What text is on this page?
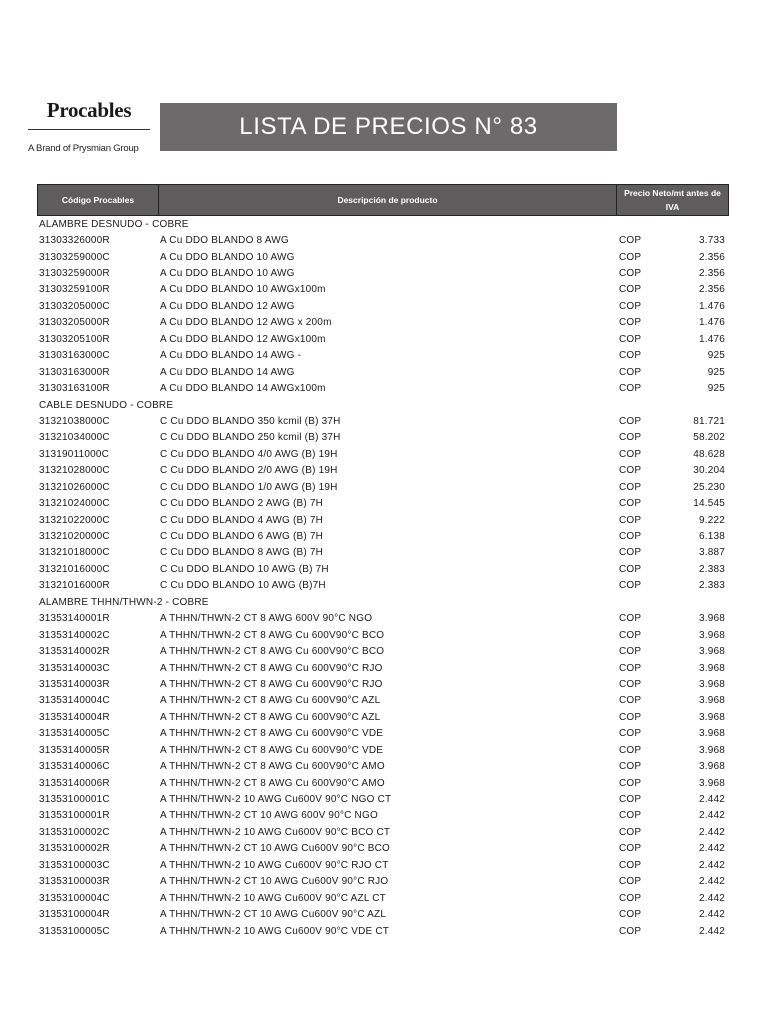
Procables
A Brand of Prysmian Group
LISTA DE PRECIOS N° 83
Código Procables	Descripción de producto
Precio Neto/mt antes de IVA
ALAMBRE DESNUDO - COBRE
31303326000R	A Cu DDO BLANDO 8 AWG	COP	3.733
31303259000C	A Cu DDO BLANDO 10 AWG	COP	2.356
31303259000R	A Cu DDO BLANDO 10 AWG	COP	2.356
31303259100R	A Cu DDO BLANDO 10 AWGx100m	COP	2.356
31303205000C	A Cu DDO BLANDO 12 AWG	COP	1.476
31303205000R	A Cu DDO BLANDO 12 AWG x 200m	COP	1.476
31303205100R	A Cu DDO BLANDO 12 AWGx100m	COP	1.476
31303163000C	A Cu DDO BLANDO 14 AWG -	COP	925
31303163000R	A Cu DDO BLANDO 14 AWG	COP	925
31303163100R	A Cu DDO BLANDO 14 AWGx100m	COP	925
CABLE DESNUDO - COBRE
31321038000C	C Cu DDO BLANDO 350 kcmil (B) 37H	COP	81.721
31321034000C	C Cu DDO BLANDO 250 kcmil (B) 37H	COP	58.202
31319011000C	C Cu DDO BLANDO 4/0 AWG (B) 19H	COP	48.628
31321028000C	C Cu DDO BLANDO 2/0 AWG (B) 19H	COP	30.204
31321026000C	C Cu DDO BLANDO 1/0 AWG (B) 19H	COP	25.230
31321024000C	C Cu DDO BLANDO 2 AWG (B) 7H	COP	14.545
31321022000C	C Cu DDO BLANDO 4 AWG (B) 7H	COP	9.222
31321020000C	C Cu DDO BLANDO 6 AWG (B) 7H	COP	6.138
31321018000C	C Cu DDO BLANDO 8 AWG (B) 7H	COP	3.887
31321016000C	C Cu DDO BLANDO 10 AWG (B) 7H	COP	2.383
31321016000R	C Cu DDO BLANDO 10 AWG (B)7H	COP	2.383
ALAMBRE THHN/THWN-2 - COBRE
31353140001R	A THHN/THWN-2 CT 8 AWG 600V 90°C NGO	COP	3.968
31353140002C	A THHN/THWN-2 CT 8 AWG Cu 600V90°C BCO	COP	3.968
31353140002R	A THHN/THWN-2 CT 8 AWG Cu 600V90°C BCO	COP	3.968
31353140003C	A THHN/THWN-2 CT 8 AWG Cu 600V90°C RJO	COP	3.968
31353140003R	A THHN/THWN-2 CT 8 AWG Cu 600V90°C RJO	COP	3.968
31353140004C	A THHN/THWN-2 CT 8 AWG Cu 600V90°C AZL	COP	3.968
31353140004R	A THHN/THWN-2 CT 8 AWG Cu 600V90°C AZL	COP	3.968
31353140005C	A THHN/THWN-2 CT 8 AWG Cu 600V90°C VDE	COP	3.968
31353140005R	A THHN/THWN-2 CT 8 AWG Cu 600V90°C VDE	COP	3.968
31353140006C	A THHN/THWN-2 CT 8 AWG Cu 600V90°C AMO	COP	3.968
31353140006R	A THHN/THWN-2 CT 8 AWG Cu 600V90°C AMO	COP	3.968
31353100001C	A THHN/THWN-2 10 AWG Cu600V 90°C NGO CT	COP	2.442
31353100001R	A THHN/THWN-2 CT 10 AWG 600V 90°C NGO	COP	2.442
31353100002C	A THHN/THWN-2 10 AWG Cu600V 90°C BCO CT	COP	2.442
31353100002R	A THHN/THWN-2 CT 10 AWG Cu600V 90°C BCO	COP	2.442
31353100003C	A THHN/THWN-2 10 AWG Cu600V 90°C RJO CT	COP	2.442
31353100003R	A THHN/THWN-2 CT 10 AWG Cu600V 90°C RJO	COP	2.442
31353100004C	A THHN/THWN-2 10 AWG Cu600V 90°C AZL CT	COP	2.442
31353100004R	A THHN/THWN-2 CT 10 AWG Cu600V 90°C AZL	COP	2.442
31353100005C	A THHN/THWN-2 10 AWG Cu600V 90°C VDE CT	COP	2.442
